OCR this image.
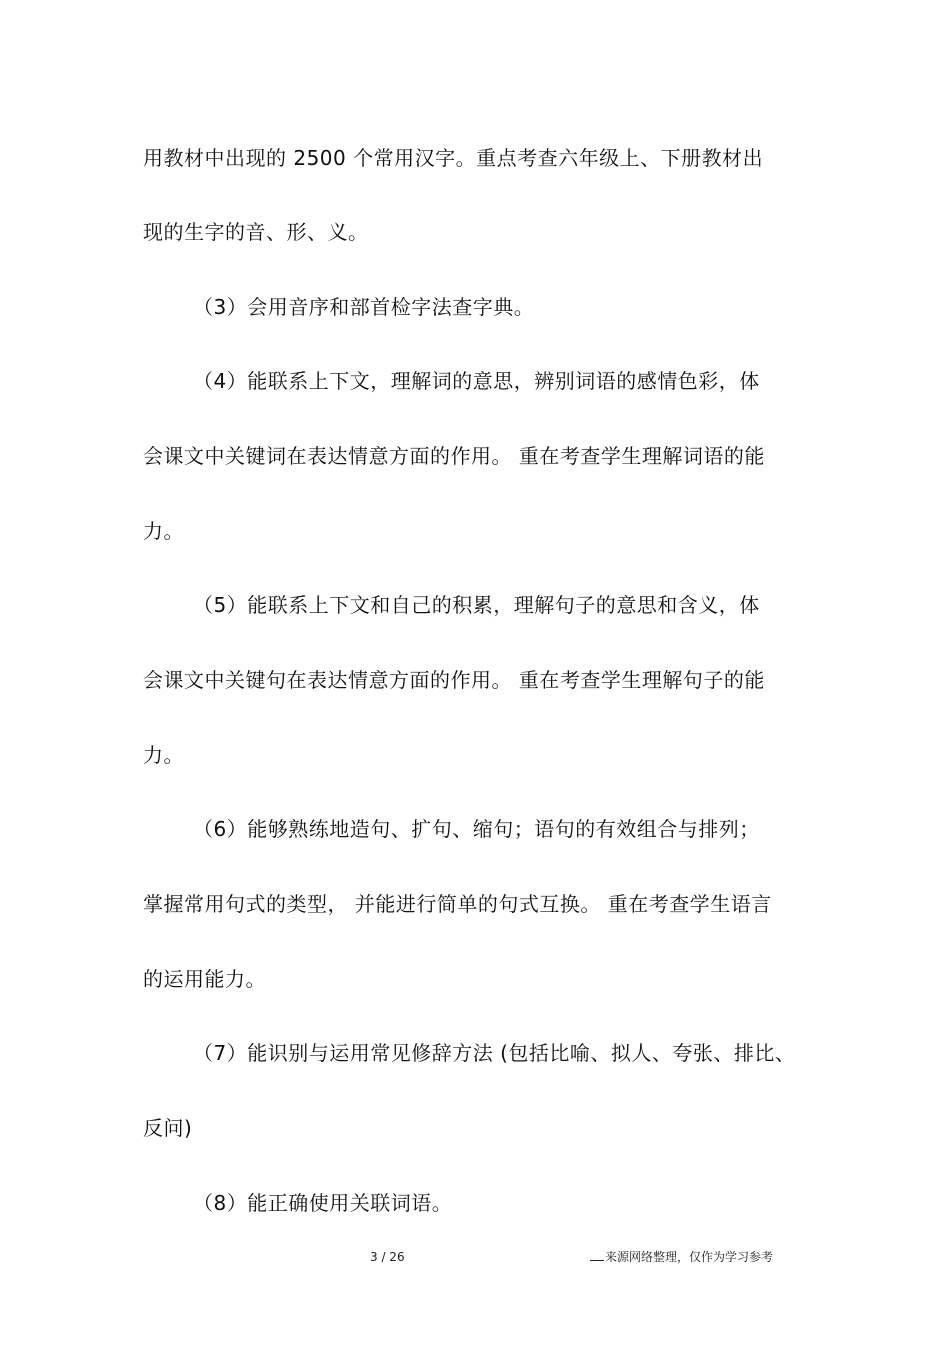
用教材中出现的 2500 个常用汉字。重点考查六年级上、下册教材出
现的生字的音、形、义。
（3）会用音序和部首检字法查字典。
（4）能联系上下文，理解词的意思，辨别词语的感情色彩，体
会课文中关键词在表达情意方面的作用。 重在考查学生理解词语的能
力。
（5）能联系上下文和自己的积累，理解句子的意思和含义，体
会课文中关键句在表达情意方面的作用。 重在考查学生理解句子的能
力。
（6）能够熟练地造句、扩句、缩句；语句的有效组合与排列；
掌握常用句式的类型， 并能进行简单的句式互换。 重在考查学生语言
的运用能力。
（7）能识别与运用常见修辞方法 (包括比喻、拟人、夸张、排比、
反问)
（8）能正确使用关联词语。
3 / 26	来源网络整理，仅作为学习参考
